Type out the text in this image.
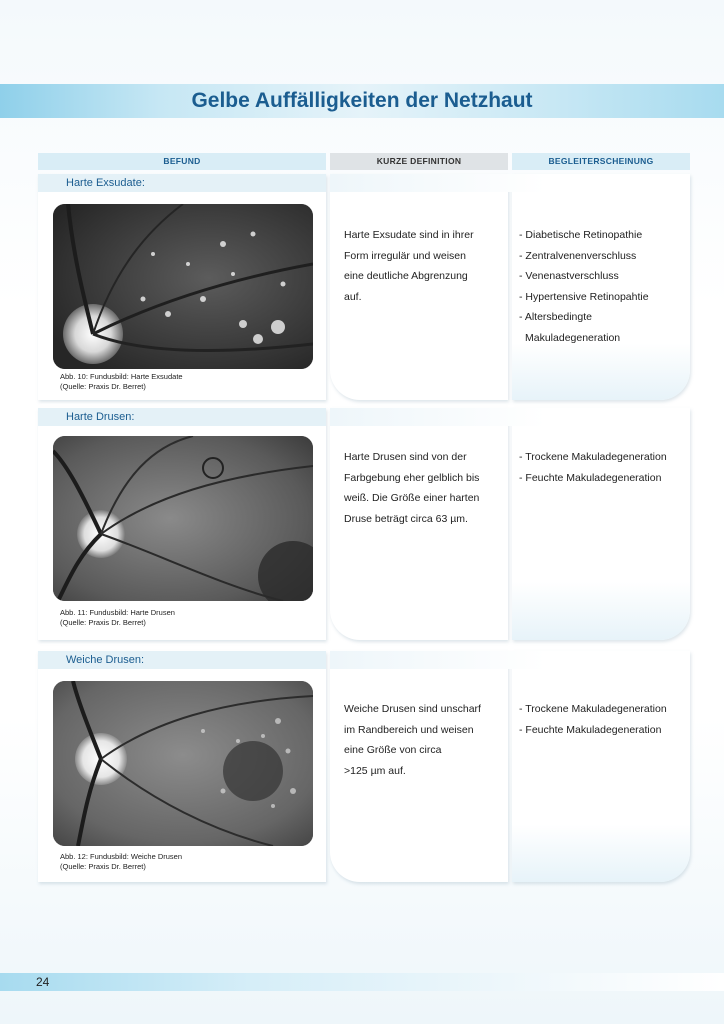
Gelbe Auffälligkeiten der Netzhaut
BEFUND	KURZE DEFINITION	BEGLEITERSCHEINUNG
Harte Exsudate:
Abb. 10: Fundusbild: Harte Exsudate
(Quelle: Praxis Dr. Berret)
Harte Exsudate sind in ihrer
Form irregulär und weisen
eine deutliche Abgrenzung
auf.
- Diabetische Retinopathie
- Zentralvenenverschluss
- Venenastverschluss
- Hypertensive Retinopahtie
- Altersbedingte
Makuladegeneration
Harte Drusen:
Abb. 11: Fundusbild: Harte Drusen
(Quelle: Praxis Dr. Berret)
Harte Drusen sind von der
Farbgebung eher gelblich bis
weiß. Die Größe einer harten
Druse beträgt circa 63 µm.
- Trockene Makuladegeneration
- Feuchte Makuladegeneration
Weiche Drusen:
Abb. 12: Fundusbild: Weiche Drusen
(Quelle: Praxis Dr. Berret)
Weiche Drusen sind unscharf
im Randbereich und weisen
eine Größe von circa
>125 µm auf.
- Trockene Makuladegeneration
- Feuchte Makuladegeneration
24
